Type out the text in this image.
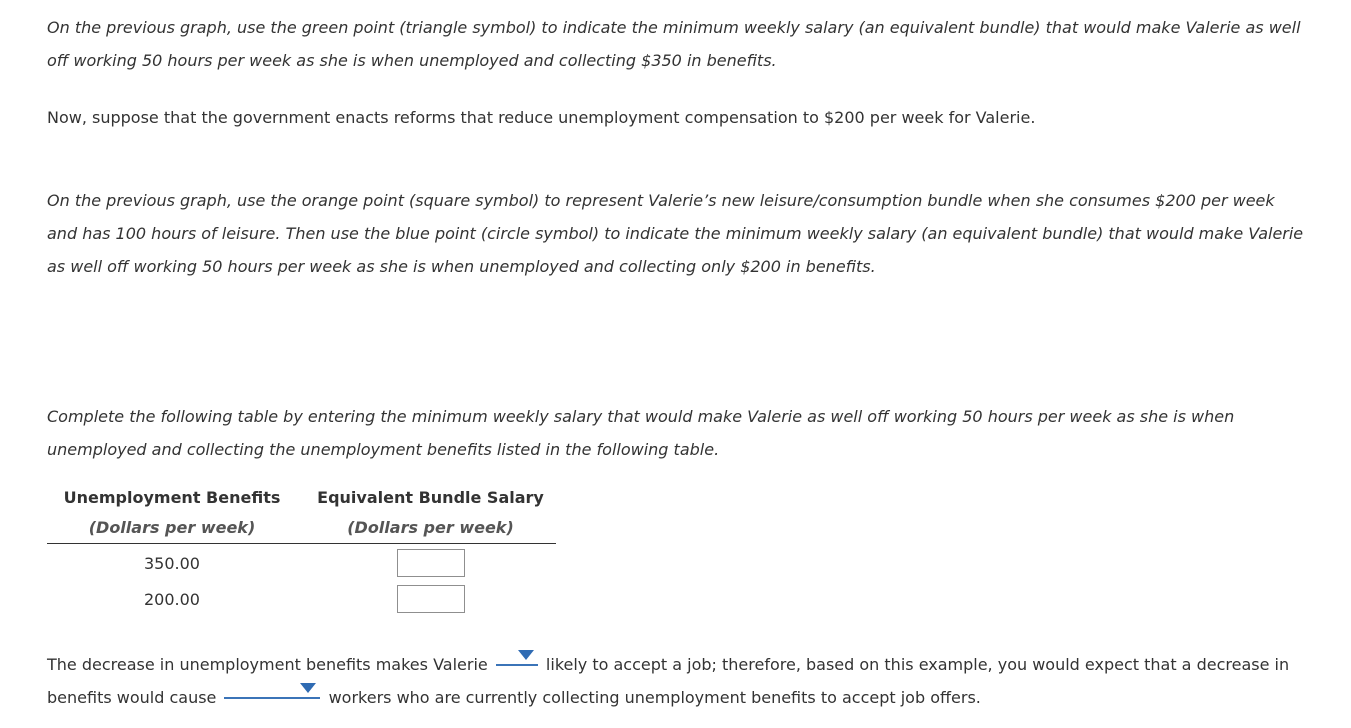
On the previous graph, use the green point (triangle symbol) to indicate the minimum weekly salary (an equivalent bundle) that would make Valerie as well off working 50 hours per week as she is when unemployed and collecting $350 in benefits.

Now, suppose that the government enacts reforms that reduce unemployment compensation to $200 per week for Valerie.

On the previous graph, use the orange point (square symbol) to represent Valerie’s new leisure/consumption bundle when she consumes $200 per week and has 100 hours of leisure. Then use the blue point (circle symbol) to indicate the minimum weekly salary (an equivalent bundle) that would make Valerie as well off working 50 hours per week as she is when unemployed and collecting only $200 in benefits.

Complete the following table by entering the minimum weekly salary that would make Valerie as well off working 50 hours per week as she is when unemployed and collecting the unemployment benefits listed in the following table.

Unemployment Benefits	Equivalent Bundle Salary
(Dollars per week)	(Dollars per week)
350.00
200.00

The decrease in unemployment benefits makes Valerie	likely to accept a job; therefore, based on this example, you would expect that a decrease in benefits would cause	workers who are currently collecting unemployment benefits to accept job offers.
